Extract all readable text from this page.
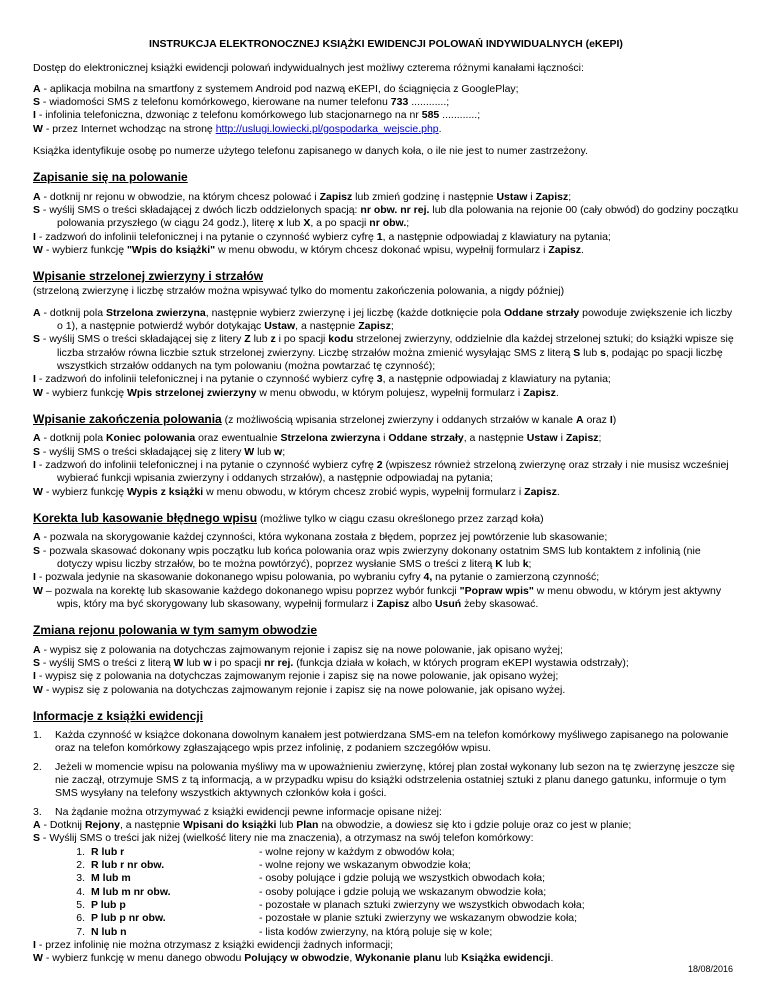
INSTRUKCJA ELEKTRONOCZNEJ KSIĄŻKI EWIDENCJI POLOWAŃ INDYWIDUALNYCH (eKEPI)

Dostęp do elektronicznej książki ewidencji polowań indywidualnych jest możliwy czterema różnymi kanałami łączności:

A - aplikacja mobilna na smartfony z systemem Android pod nazwą eKEPI, do ściągnięcia z GooglePlay;

S - wiadomości SMS z telefonu komórkowego, kierowane na numer telefonu 733 ............;

I - infolinia telefoniczna, dzwoniąc z telefonu komórkowego lub stacjonarnego na nr 585 ............;

W - przez Internet wchodząc na stronę http://uslugi.lowiecki.pl/gospodarka_wejscie.php.

Książka identyfikuje osobę po numerze użytego telefonu zapisanego w danych koła, o ile nie jest to numer zastrzeżony.

Zapisanie się na polowanie

A - dotknij nr rejonu w obwodzie, na którym chcesz polować i Zapisz lub zmień godzinę i następnie Ustaw i Zapisz;

S - wyślij SMS o treści składającej z dwóch liczb oddzielonych spacją: nr obw. nr rej. lub dla polowania na rejonie 00 (cały obwód) do godziny początku polowania przyszłego (w ciągu 24 godz.), literę x lub X, a po spacji nr obw.;

I - zadzwoń do infolinii telefonicznej i na pytanie o czynność wybierz cyfrę 1, a następnie odpowiadaj z klawiatury na pytania;

W - wybierz funkcję "Wpis do książki" w menu obwodu, w którym chcesz dokonać wpisu, wypełnij formularz i Zapisz.

Wpisanie strzelonej zwierzyny i strzałów

(strzeloną zwierzynę i liczbę strzałów można wpisywać tylko do momentu zakończenia polowania, a nigdy później)

A - dotknij pola Strzelona zwierzyna, następnie wybierz zwierzynę i jej liczbę (każde dotknięcie pola Oddane strzały powoduje zwiększenie ich liczby o 1), a następnie potwierdź wybór dotykając Ustaw, a następnie Zapisz;

S - wyślij SMS o treści składającej się z litery Z lub z i po spacji kodu strzelonej zwierzyny, oddzielnie dla każdej strzelonej sztuki; do książki wpisze się liczba strzałów równa liczbie sztuk strzelonej zwierzyny. Liczbę strzałów można zmienić wysyłając SMS z literą S lub s, podając po spacji liczbę wszystkich strzałów oddanych na tym polowaniu (można powtarzać tę czynność);

I - zadzwoń do infolinii telefonicznej i na pytanie o czynność wybierz cyfrę 3, a następnie odpowiadaj z klawiatury na pytania;

W - wybierz funkcję Wpis strzelonej zwierzyny w menu obwodu, w którym polujesz, wypełnij formularz i Zapisz.

Wpisanie zakończenia polowania (z możliwością wpisania strzelonej zwierzyny i oddanych strzałów w kanale A oraz I)

A - dotknij pola Koniec polowania oraz ewentualnie Strzelona zwierzyna i Oddane strzały, a następnie Ustaw i Zapisz;

S - wyślij SMS o treści składającej się z litery W lub w;

I - zadzwoń do infolinii telefonicznej i na pytanie o czynność wybierz cyfrę 2 (wpiszesz również strzeloną zwierzynę oraz strzały i nie musisz wcześniej wybierać funkcji wpisania zwierzyny i oddanych strzałów), a następnie odpowiadaj na pytania;

W - wybierz funkcję Wypis z książki w menu obwodu, w którym chcesz zrobić wypis, wypełnij formularz i Zapisz.

Korekta lub kasowanie błędnego wpisu (możliwe tylko w ciągu czasu określonego przez zarząd koła)

A - pozwala na skorygowanie każdej czynności, która wykonana została z błędem, poprzez jej powtórzenie lub skasowanie;

S - pozwala skasować dokonany wpis początku lub końca polowania oraz wpis zwierzyny dokonany ostatnim SMS lub kontaktem z infolinią (nie dotyczy wpisu liczby strzałów, bo te można powtórzyć), poprzez wysłanie SMS o treści z literą K lub k;

I - pozwala jedynie na skasowanie dokonanego wpisu polowania, po wybraniu cyfry 4, na pytanie o zamierzoną czynność;

W – pozwala na korektę lub skasowanie każdego dokonanego wpisu poprzez wybór funkcji "Popraw wpis" w menu obwodu, w którym jest aktywny wpis, który ma być skorygowany lub skasowany, wypełnij formularz i Zapisz albo Usuń żeby skasować.

Zmiana rejonu polowania w tym samym obwodzie

A - wypisz się z polowania na dotychczas zajmowanym rejonie i zapisz się na nowe polowanie, jak opisano wyżej;

S - wyślij SMS o treści z literą W lub w i po spacji nr rej. (funkcja działa w kołach, w których program eKEPI wystawia odstrzały);

I - wypisz się z polowania na dotychczas zajmowanym rejonie i zapisz się na nowe polowanie, jak opisano wyżej;

W - wypisz się z polowania na dotychczas zajmowanym rejonie i zapisz się na nowe polowanie, jak opisano wyżej.

Informacje z książki ewidencji
1.	Każda czynność w książce dokonana dowolnym kanałem jest potwierdzana SMS-em na telefon komórkowy myśliwego zapisanego na polowanie oraz na telefon komórkowy zgłaszającego wpis przez infolinię, z podaniem szczegółów wpisu.
2.	Jeżeli w momencie wpisu na polowania myśliwy ma w upoważnieniu zwierzynę, której plan został wykonany lub sezon na tę zwierzynę jeszcze się nie zaczął, otrzymuje SMS z tą informacją, a w przypadku wpisu do książki odstrzelenia ostatniej sztuki z planu danego gatunku, informuje o tym SMS wysyłany na telefony wszystkich aktywnych członków koła i gości.
3.	Na żądanie można otrzymywać z książki ewidencji pewne informacje opisane niżej:

A - Dotknij Rejony, a następnie Wpisani do książki lub Plan na obwodzie, a dowiesz się kto i gdzie poluje oraz co jest w planie;

S - Wyślij SMS o treści jak niżej (wielkość litery nie ma znaczenia), a otrzymasz na swój telefon komórkowy:

1. R lub r	- wolne rejony w każdym z obwodów koła;
2. R lub r nr obw.	- wolne rejony we wskazanym obwodzie koła;
3. M lub m	- osoby polujące i gdzie polują we wszystkich obwodach koła;
4. M lub m nr obw.	- osoby polujące i gdzie polują we wskazanym obwodzie koła;
5. P lub p	- pozostałe w planach sztuki zwierzyny we wszystkich obwodach koła;
6. P lub p nr obw.	- pozostałe w planie sztuki zwierzyny we wskazanym obwodzie koła;
7. N lub n	- lista kodów zwierzyny, na którą poluje się w kole;

I - przez infolinię nie można otrzymasz z książki ewidencji żadnych informacji;

W - wybierz funkcję w menu danego obwodu Polujący w obwodzie, Wykonanie planu lub Książka ewidencji.

18/08/2016
